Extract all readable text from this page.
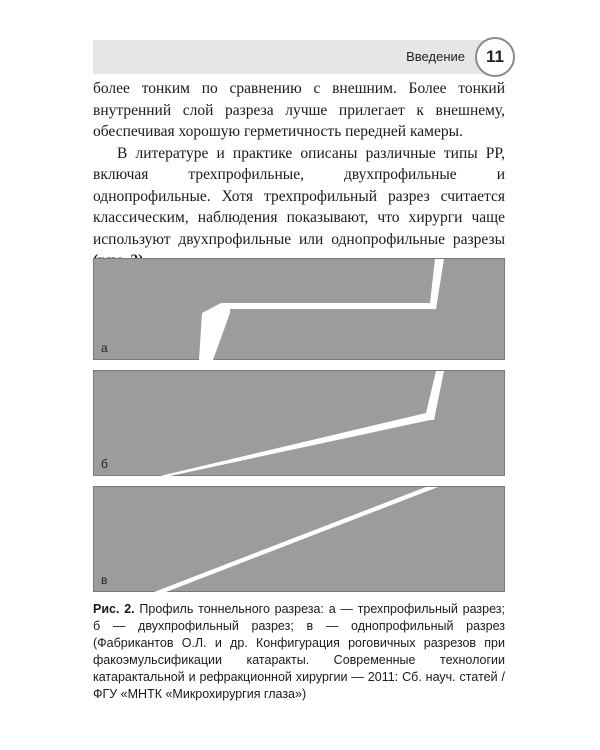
Введение	11

более тонким по сравнению с внешним. Более тонкий внутренний слой разреза лучше прилегает к внешнему, обеспечивая хорошую герметичность передней камеры.

В литературе и практике описаны различные типы РР, включая трехпрофильные, двухпрофильные и однопрофильные. Хотя трехпрофильный разрез считается классическим, наблюдения показывают, что хирурги чаще используют двухпрофильные или однопрофильные разрезы

а
б
в

Рис. 2. Профиль тоннельного разреза: а — трехпрофильный разрез; б — двухпрофильный разрез; в — однопрофильный разрез (Фабрикантов О.Л. и др. Конфигурация роговичных разрезов при факоэмульсификации катаракты. Современные технологии катарактальной и рефракционной хирургии — 2011: Сб. науч. статей / ФГУ «МНТК «Микрохирургия глаза»)
